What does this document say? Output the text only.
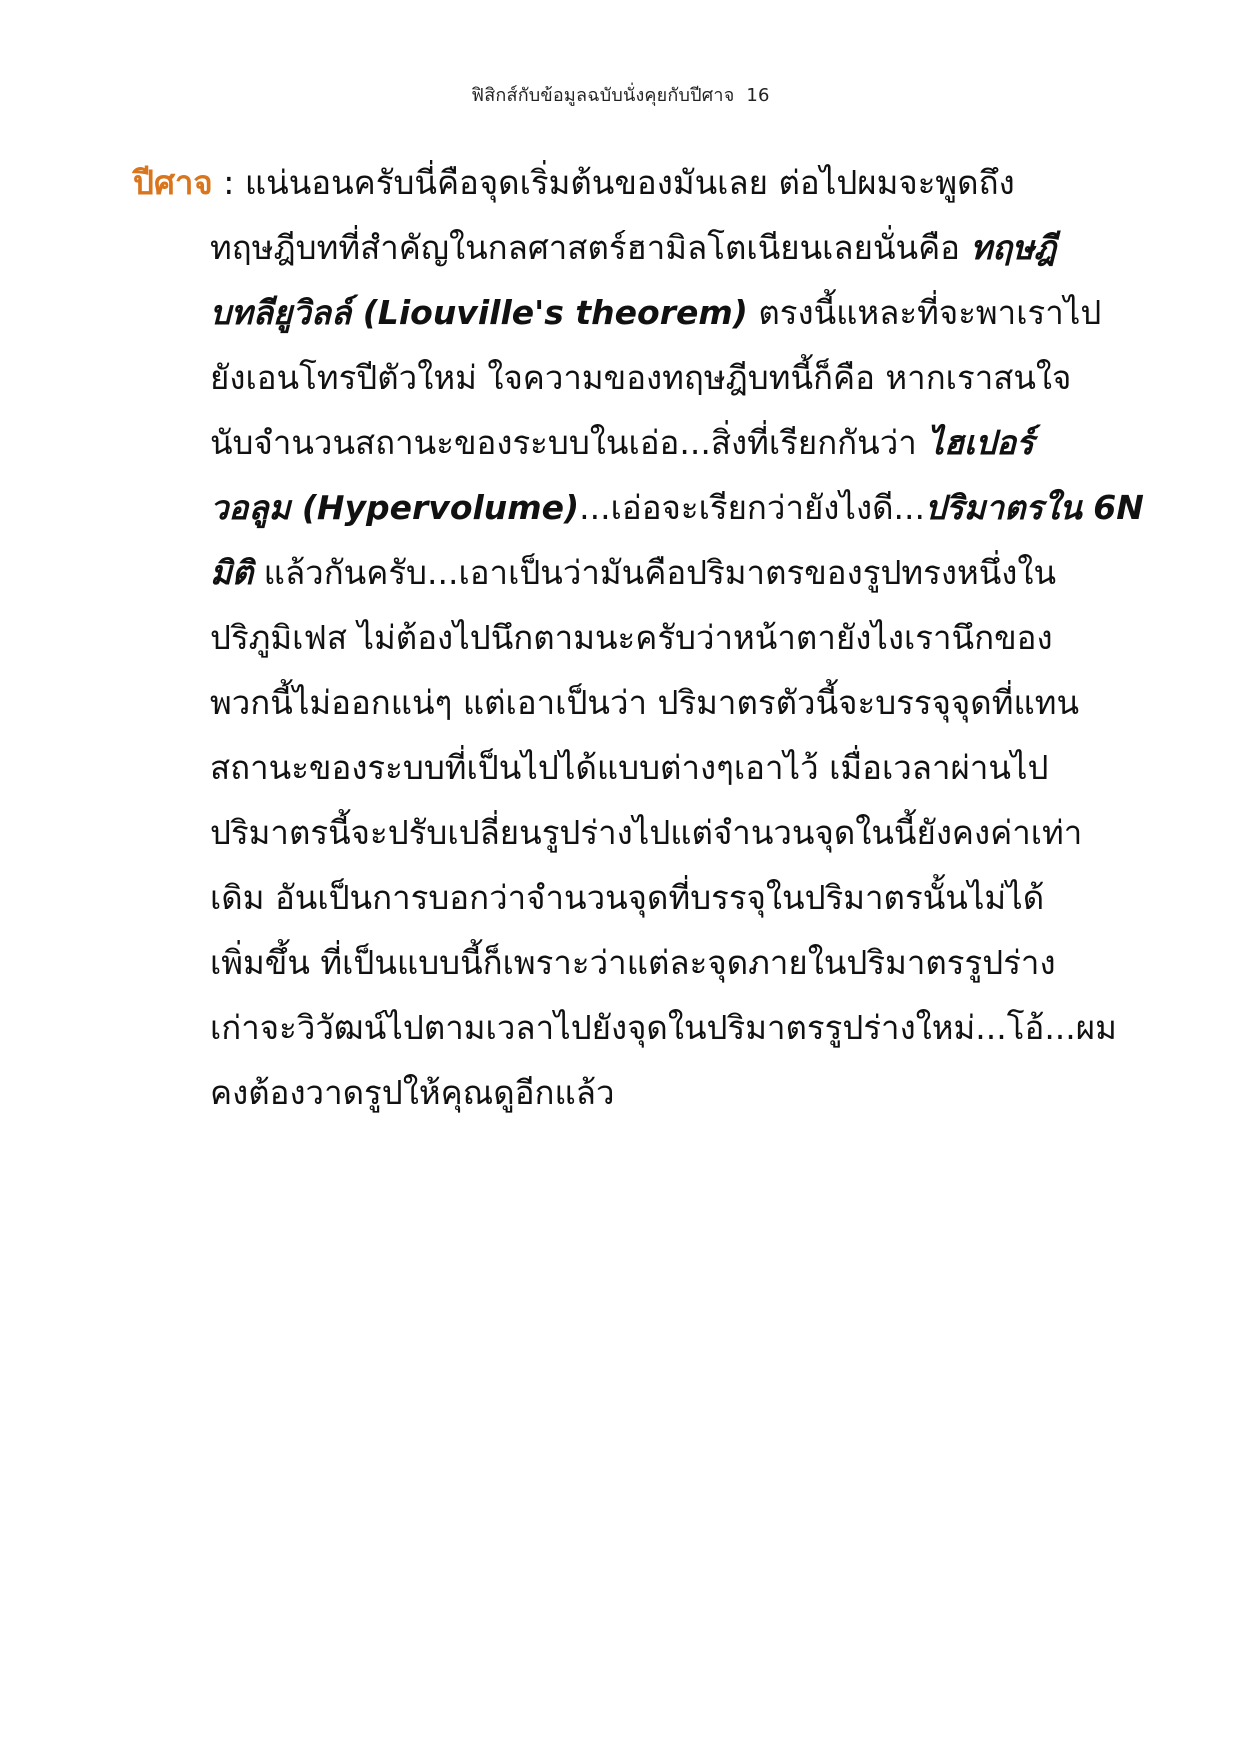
ฟิสิกส์กับข้อมูลฉบับนั่งคุยกับปีศาจ 16
ปีศาจ : แน่นอนครับนี่คือจุดเริ่มต้นของมันเลย ต่อไปผมจะพูดถึง
ทฤษฎีบทที่สำคัญในกลศาสตร์ฮามิลโตเนียนเลยนั่นคือ ทฤษฎี
บทลียูวิลล์ (Liouville's theorem) ตรงนี้แหละที่จะพาเราไป
ยังเอนโทรปีตัวใหม่ ใจความของทฤษฎีบทนี้ก็คือ หากเราสนใจ
นับจำนวนสถานะของระบบในเอ่อ...สิ่งที่เรียกกันว่า ไฮเปอร์
วอลูม (Hypervolume)...เอ่อจะเรียกว่ายังไงดี...ปริมาตรใน 6N
มิติ แล้วกันครับ...เอาเป็นว่ามันคือปริมาตรของรูปทรงหนึ่งใน
ปริภูมิเฟส ไม่ต้องไปนึกตามนะครับว่าหน้าตายังไงเรานึกของ
พวกนี้ไม่ออกแน่ๆ แต่เอาเป็นว่า ปริมาตรตัวนี้จะบรรจุจุดที่แทน
สถานะของระบบที่เป็นไปได้แบบต่างๆเอาไว้ เมื่อเวลาผ่านไป
ปริมาตรนี้จะปรับเปลี่ยนรูปร่างไปแต่จำนวนจุดในนี้ยังคงค่าเท่า
เดิม อันเป็นการบอกว่าจำนวนจุดที่บรรจุในปริมาตรนั้นไม่ได้
เพิ่มขึ้น ที่เป็นแบบนี้ก็เพราะว่าแต่ละจุดภายในปริมาตรรูปร่าง
เก่าจะวิวัฒน์ไปตามเวลาไปยังจุดในปริมาตรรูปร่างใหม่...โอ้...ผม
คงต้องวาดรูปให้คุณดูอีกแล้ว
